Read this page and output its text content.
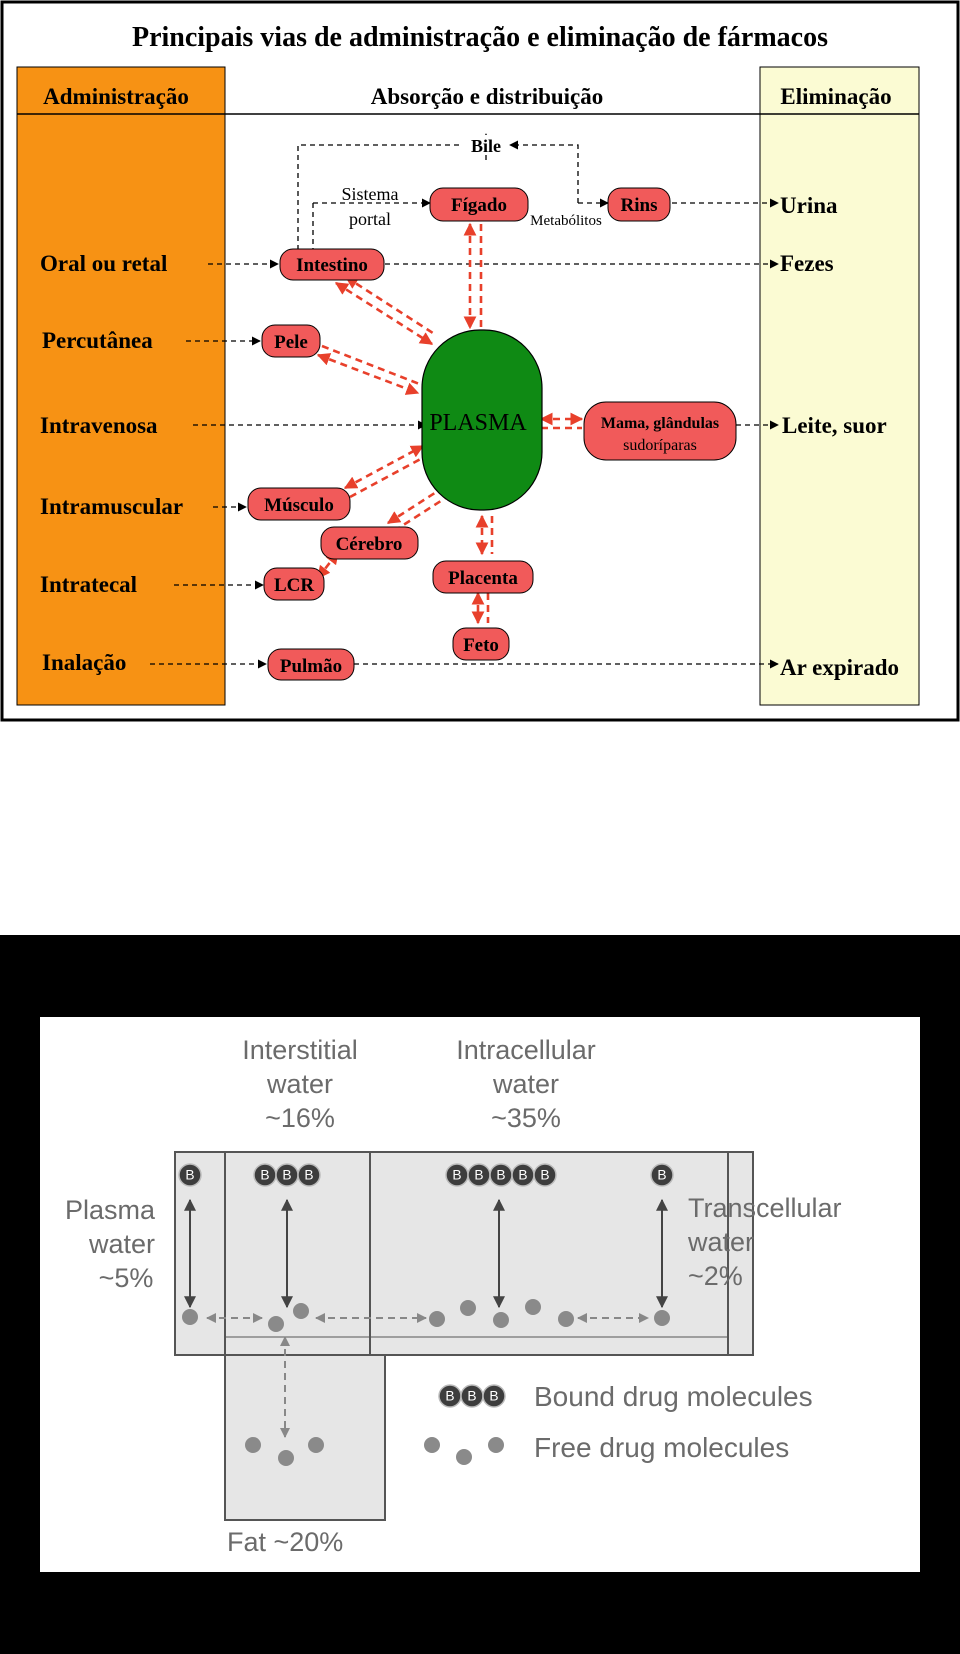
Principais vias de administração e eliminação de fármacos
Administração	Absorção e distribuição	Eliminação
Oral ou retal
Percutânea
Intravenosa
Intramuscular
Intratecal
Inalação
Urina
Fezes
Leite, suor
Ar expirado
PLASMA
Fígado	Rins
Intestino
Pele
Músculo
Cérebro
LCR	Placenta
Feto
Pulmão
Mama, glândulas
sudoríparas
Bile
Sistema
portal	Metabólitos
Interstitial
water
~16%
Intracellular
water
~35%
Plasma
water
~5%
Transcellular
water
~2%
Fat ~20%
B	B B B	B B B B B	B
B B B Bound drug molecules
Free drug molecules
